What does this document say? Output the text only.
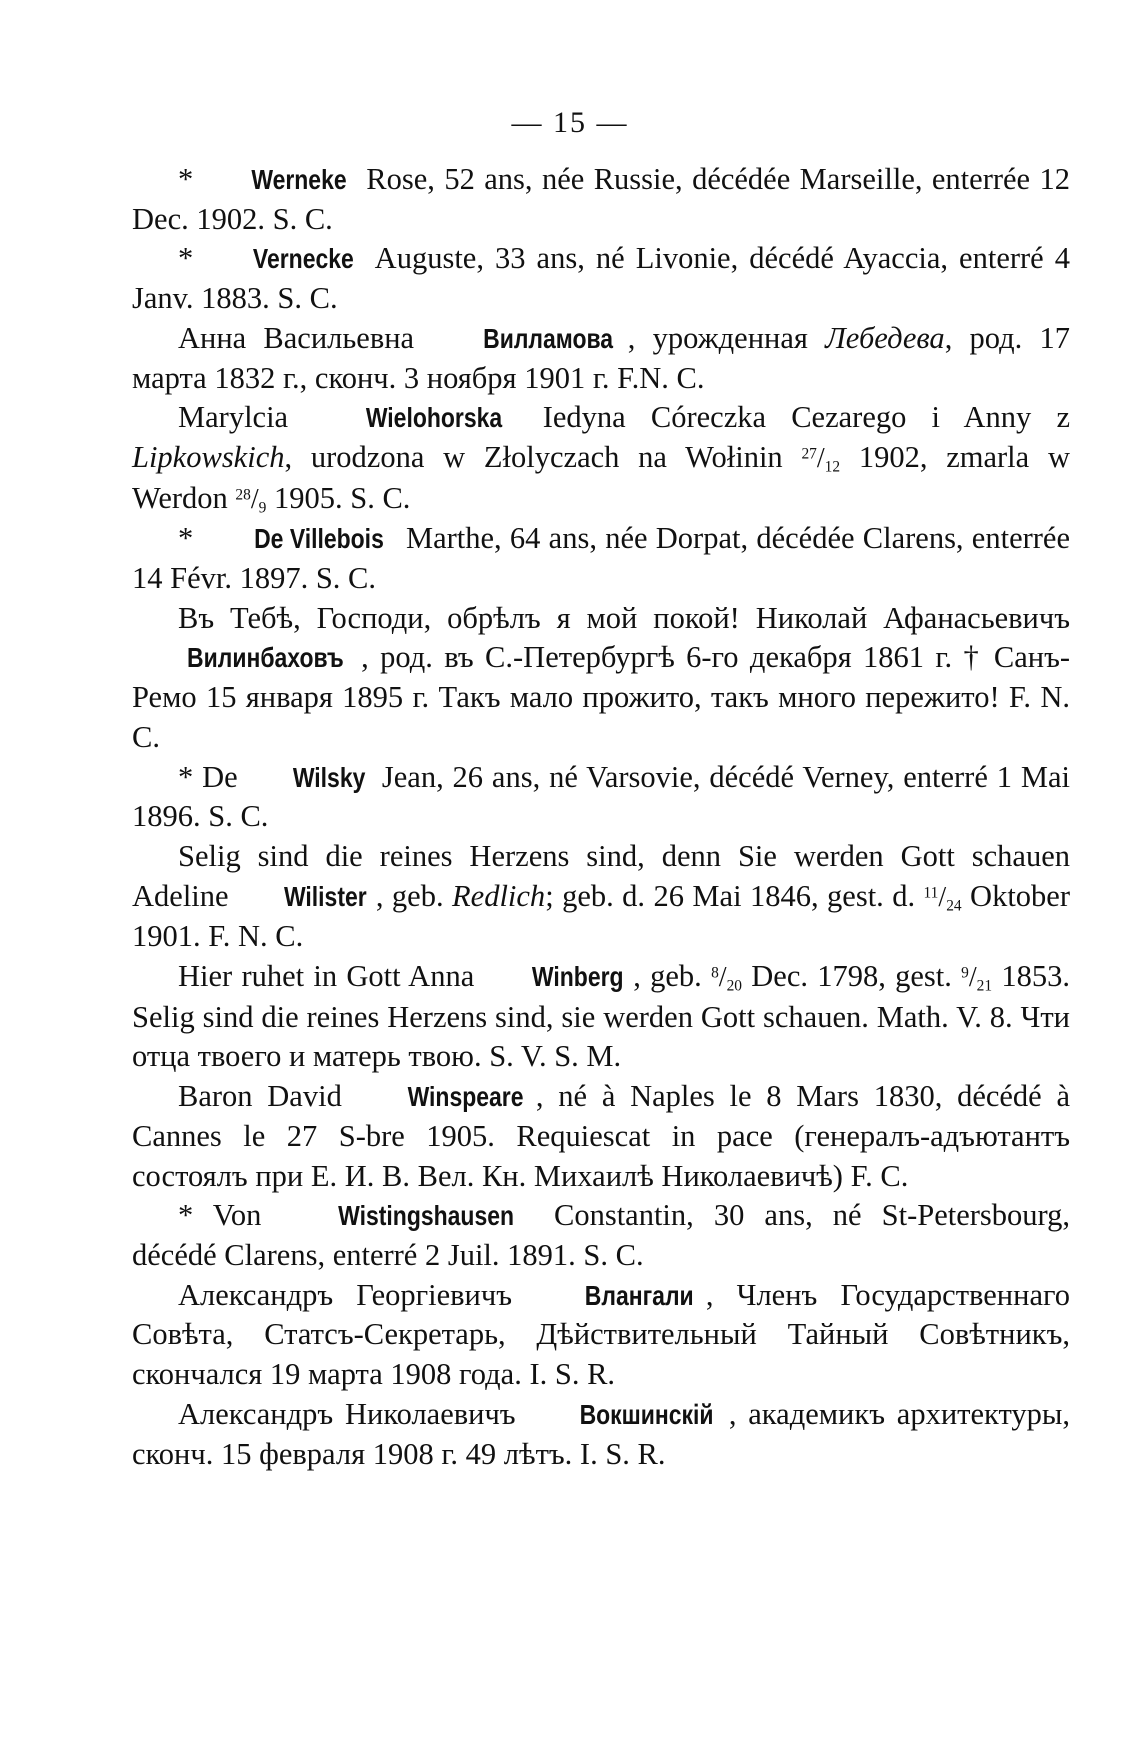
— 15 —

* Werneke Rose, 52 ans, née Russie, décédée Marseille, enterrée 12 Dec. 1902. S. C.

* Vernecke Auguste, 33 ans, né Livonie, décédé Ayaccia, enterré 4 Janv. 1883. S. C.

Анна Васильевна Вилламова , урожденная Лебедева, род. 17 марта 1832 г., сконч. 3 ноября 1901 г. F.N. C.

Marylcia Wielohorska Iedyna Córeczka Cezarego i Anny z Lipkowskich, urodzona w Złolyczach na Wołinin $^{27}/_{12}$ 1902, zmarla w Werdon $^{28}/_9$ 1905. S. C.

* De Villebois Marthe, 64 ans, née Dorpat, décédée Clarens, enterrée 14 Févr. 1897. S. C.

Въ Тебѣ, Господи, обрѣлъ я мой покой! Николай Афанасьевичъ Вилинбаховъ , род. въ С.-Петербургѣ 6-го декабря 1861 г. † Санъ-Ремо 15 января 1895 г. Такъ мало прожито, такъ много пережито! F. N. C.

* De Wilsky Jean, 26 ans, né Varsovie, décédé Verney, enterré 1 Mai 1896. S. C.

Selig sind die reines Herzens sind, denn Sie werden Gott schauen Adeline Wilister , geb. Redlich; geb. d. 26 Mai 1846, gest. d. $^{11}/_{24}$ Oktober 1901. F. N. C.

Hier ruhet in Gott Anna Winberg , geb. $^8/_{20}$ Dec. 1798, gest. $^9/_{21}$ 1853. Selig sind die reines Herzens sind, sie werden Gott schauen. Math. V. 8. Чти отца твоего и матерь твою. S. V. S. M.

Baron David Winspeare , né à Naples le 8 Mars 1830, décédé à Cannes le 27 S-bre 1905. Requiescat in pace (генералъ-адъютантъ состоялъ при Е. И. В. Вел. Кн. Михаилѣ Николаевичѣ) F. C.

* Von Wistingshausen Constantin, 30 ans, né St-Petersbourg, décédé Clarens, enterré 2 Juil. 1891. S. C.

Александръ Георгіевичъ Влангали , Членъ Государственнаго Совѣта, Статсъ-Секретарь, Дѣйствительный Тайный Совѣтникъ, скончался 19 марта 1908 года. I. S. R.

Александръ Николаевичъ Вокшинскій , академикъ архитектуры, сконч. 15 февраля 1908 г. 49 лѣтъ. I. S. R.
